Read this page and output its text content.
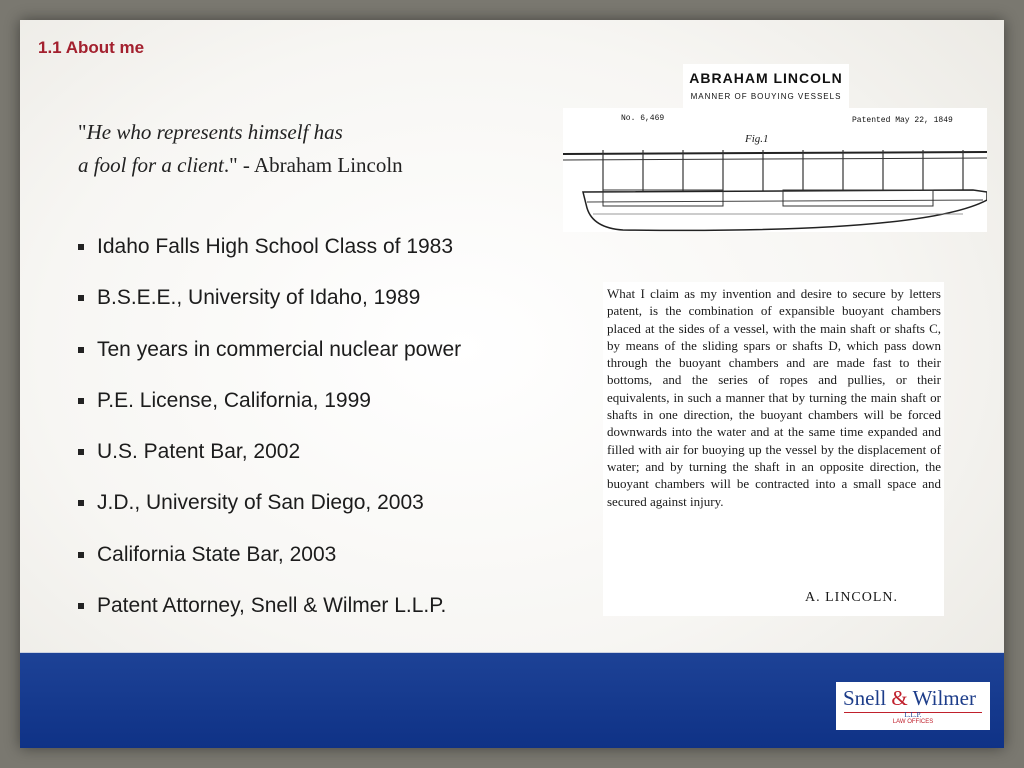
1.1 About me
"He who represents himself has
a fool for a client." - Abraham Lincoln
Idaho Falls High School Class of 1983
B.S.E.E., University of Idaho, 1989
Ten years in commercial nuclear power
P.E. License, California, 1999
U.S. Patent Bar, 2002
J.D., University of San Diego, 2003
California State Bar, 2003
Patent Attorney, Snell & Wilmer L.L.P.
ABRAHAM LINCOLN
MANNER OF BOUYING VESSELS
No. 6,469	Patented May 22, 1849
Fig.1
What I claim as my invention and desire to secure by letters patent, is the combination of expansible buoyant chambers placed at the sides of a vessel, with the main shaft or shafts C, by means of the sliding spars or shafts D, which pass down through the buoyant chambers and are made fast to their bottoms, and the series of ropes and pullies, or their equivalents, in such a manner that by turning the main shaft or shafts in one direction, the buoyant chambers will be forced downwards into the water and at the same time expanded and filled with air for buoying up the vessel by the displacement of water; and by turning the shaft in an opposite direction, the buoyant chambers will be contracted into a small space and secured against injury.
A. LINCOLN.
Snell & Wilmer
L.L.P.
LAW OFFICES
